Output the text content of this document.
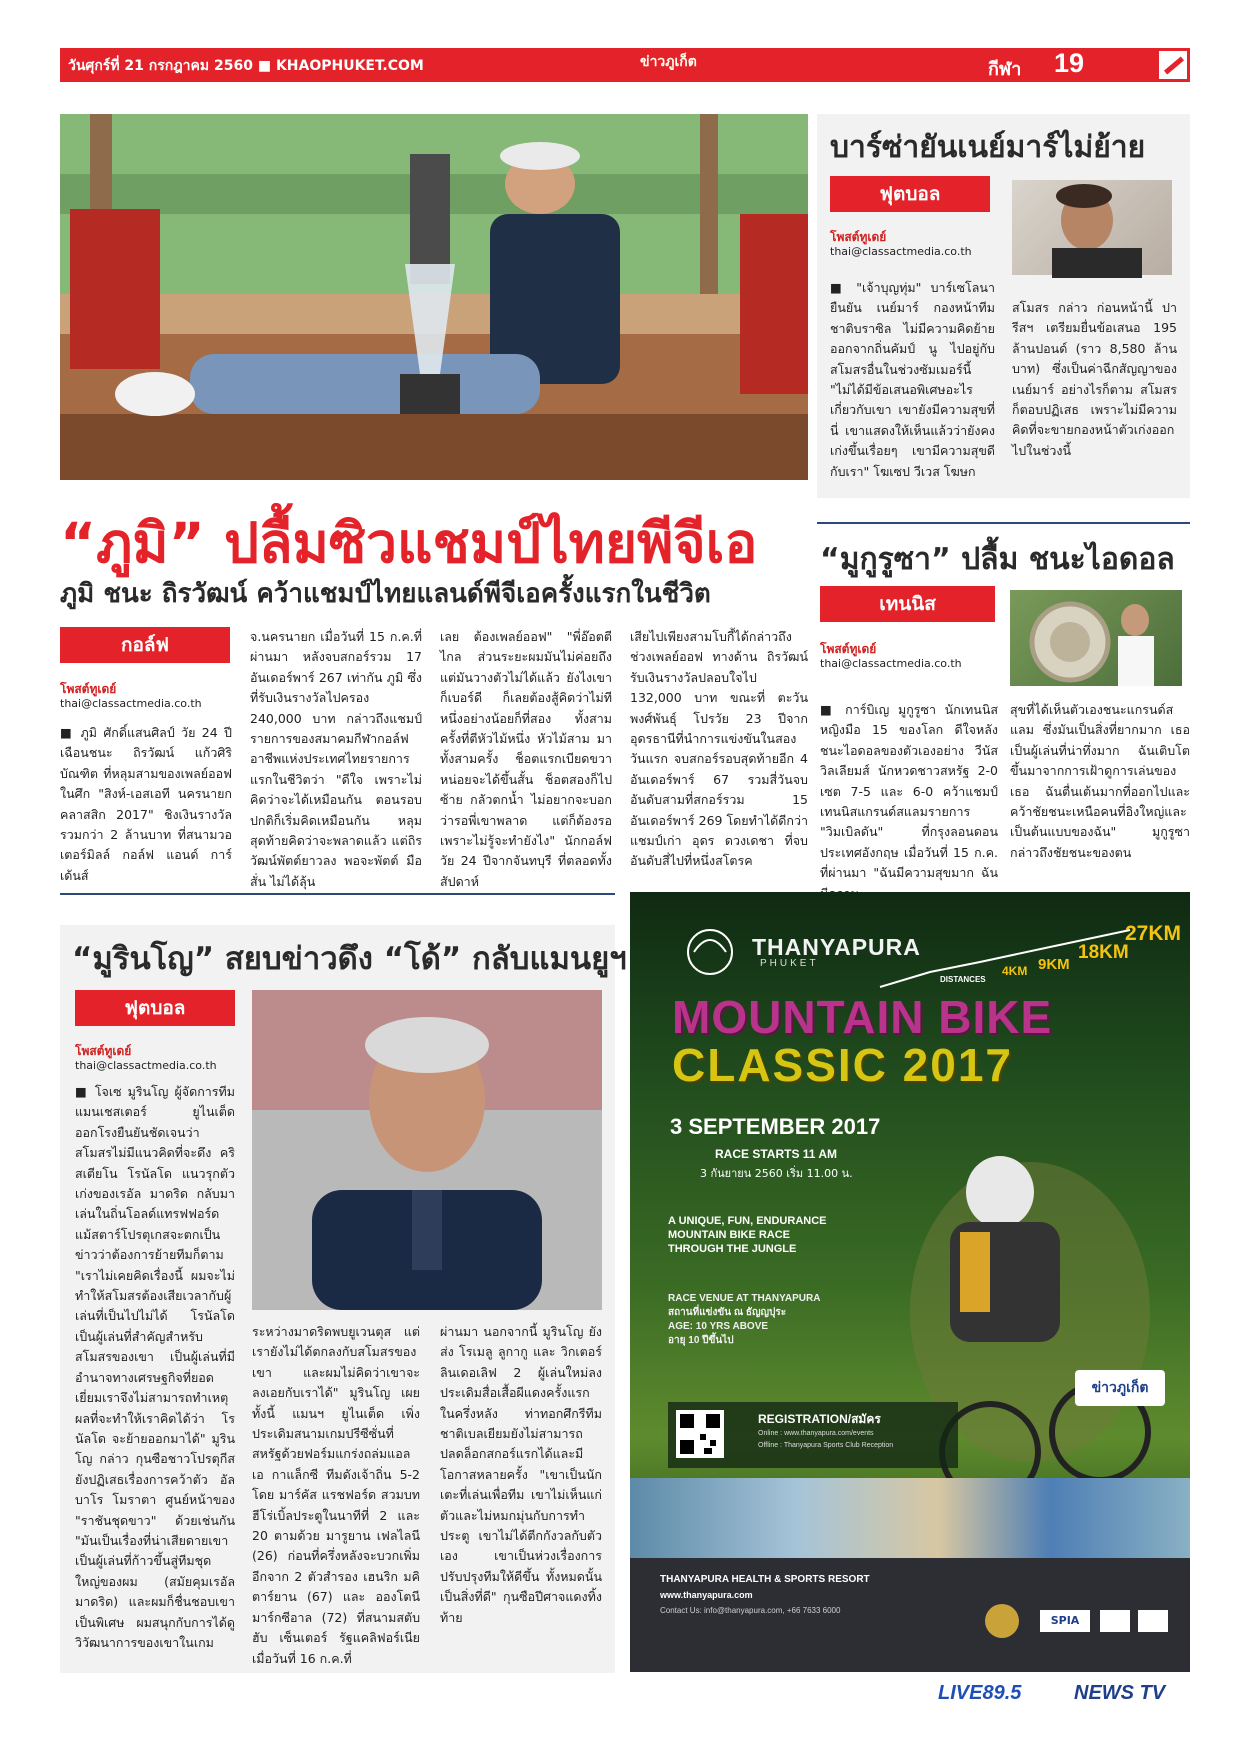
วันศุกร์ที่ 21 กรกฎาคม 2560 ■ KHAOPHUKET.COM	ข่าวภูเก็ต	กีฬา 19
บาร์ซ่ายันเนย์มาร์ไม่ย้าย
ฟุตบอล
โพสต์ทูเดย์
thai@classactmedia.co.th
■ "เจ้าบุญทุ่ม" บาร์เซโลนา ยืนยัน เนย์มาร์ กองหน้าทีมชาติบราซิล ไม่มีความคิดย้ายออกจากถิ่นคัมป์ นู ไปอยู่กับสโมสรอื่นในช่วงซัมเมอร์นี้ "ไม่ได้มีข้อเสนอพิเศษอะไรเกี่ยวกับเขา เขายังมีความสุขที่นี่ เขาแสดงให้เห็นแล้วว่ายังคงเก่งขึ้นเรื่อยๆ เขามีความสุขดีกับเรา" โฆเซป วีเวส โฆษก
สโมสร กล่าว ก่อนหน้านี้ ปารีสฯ เตรียมยื่นข้อเสนอ 195 ล้านปอนด์ (ราว 8,580 ล้านบาท) ซึ่งเป็นค่าฉีกสัญญาของ เนย์มาร์ อย่างไรก็ตาม สโมสรก็ตอบปฏิเสธ เพราะไม่มีความคิดที่จะขายกองหน้าตัวเก่งออกไปในช่วงนี้
“ภูมิ” ปลื้มซิวแชมป์ไทยพีจีเอ
ภูมิ ชนะ ถิรวัฒน์ คว้าแชมป์ไทยแลนด์พีจีเอครั้งแรกในชีวิต
กอล์ฟ
โพสต์ทูเดย์
thai@classactmedia.co.th
■ ภูมิ ศักดิ์แสนศิลป์ วัย 24 ปี เฉือนชนะ ถิรวัฒน์ แก้วศิริบัณฑิต ที่หลุมสามของเพลย์ออฟ ในศึก "สิงห์-เอสเอที นครนายก คลาสสิก 2017" ชิงเงินรางวัลรวมกว่า 2 ล้านบาท ที่สนามวอเตอร์มิลล์ กอล์ฟ แอนด์ การ์เด้นส์
จ.นครนายก เมื่อวันที่ 15 ก.ค.ที่ผ่านมา หลังจบสกอร์รวม 17 อันเดอร์พาร์ 267 เท่ากัน ภูมิ ซึ่งที่รับเงินรางวัลไปครอง 240,000 บาท กล่าวถึงแชมป์รายการของสมาคมกีฬากอล์ฟอาชีพแห่งประเทศไทยรายการแรกในชีวิตว่า "ดีใจ เพราะไม่คิดว่าจะได้เหมือนกัน ตอนรอบปกติก็เริ่มคิดเหมือนกัน หลุมสุดท้ายคิดว่าจะพลาดแล้ว แต่ถิรวัฒน์พัตต์ยาวลง พอจะพัตต์ มือสั่น ไม่ได้ลุ้น
เลย ต้องเพลย์ออฟ" "พี่อ๊อตตีไกล ส่วนระยะผมมันไม่ค่อยถึง แต่มันวางตัวไม่ได้แล้ว ยังไงเขาก็เบอร์ดี ก็เลยต้องสู้คิดว่าไม่ทีหนึ่งอย่างน้อยก็ที่สอง ทั้งสามครั้งที่ตีหัวไม้หนึ่ง หัวไม้สาม มาทั้งสามครั้ง ช็อตแรกเบียดขวาหน่อยจะได้ขึ้นสั้น ช็อตสองก็ไปซ้าย กลัวตกน้ำ ไม่อยากจะบอกว่ารอพี่เขาพลาด แต่ก็ต้องรอเพราะไม่รู้จะทำยังไง" นักกอล์ฟวัย 24 ปีจากจันทบุรี ที่ตลอดทั้งสัปดาห์
เสียไปเพียงสามโบกี้ได้กล่าวถึงช่วงเพลย์ออฟ ทางด้าน ถิรวัฒน์ รับเงินรางวัลปลอบใจไป 132,000 บาท ขณะที่ ตะวัน พงศ์พันธุ์ โปรวัย 23 ปีจากอุดรธานีที่นำการแข่งขันในสองวันแรก จบสกอร์รอบสุดท้ายอีก 4 อันเดอร์พาร์ 67 รวมสี่วันจบอันดับสามที่สกอร์รวม 15 อันเดอร์พาร์ 269 โดยทำได้ดีกว่าแชมป์เก่า อุดร ดวงเดชา ที่จบอันดับสี่ไปที่หนึ่งสโตรค
“มูกูรูซา” ปลื้ม ชนะไอดอล
เทนนิส
โพสต์ทูเดย์
thai@classactmedia.co.th
■ การ์บิเญ มูกูรูซา นักเทนนิสหญิงมือ 15 ของโลก ดีใจหลังชนะไอดอลของตัวเองอย่าง วีนัส วิลเลียมส์ นักหวดชาวสหรัฐ 2-0 เซต 7-5 และ 6-0 คว้าแชมป์เทนนิสแกรนด์สแลมรายการ "วิมเบิลดัน" ที่กรุงลอนดอน ประเทศอังกฤษ เมื่อวันที่ 15 ก.ค. ที่ผ่านมา "ฉันมีความสุขมาก ฉัน
สุขที่ได้เห็นตัวเองชนะแกรนด์สแลม ซึ่งมันเป็นสิ่งที่ยากมาก เธอเป็นผู้เล่นที่น่าทึ่งมาก ฉันเติบโตขึ้นมาจากการเฝ้าดูการเล่นของเธอ ฉันตื่นเต้นมากที่ออกไปและคว้าชัยชนะเหนือคนที่อิงใหญ่และเป็นต้นแบบของฉัน" มูกูรูซา กล่าวถึงชัยชนะของตน
“มูรินโญ” สยบข่าวดึง “โด้” กลับแมนยูฯ
ฟุตบอล
โพสต์ทูเดย์
thai@classactmedia.co.th
■ โจเซ มูรินโญ ผู้จัดการทีมแมนเชสเตอร์ ยูไนเต็ด ออกโรงยืนยันชัดเจนว่าสโมสรไม่มีแนวคิดที่จะดึง คริสเตียโน โรนัลโด แนวรุกตัวเก่งของเรอัล มาดริด กลับมาเล่นในถิ่นโอลด์แทรฟฟอร์ด แม้สตาร์โปรตุเกสจะตกเป็นข่าวว่าต้องการย้ายทีมก็ตาม "เราไม่เคยคิดเรื่องนี้ ผมจะไม่ทำให้สโมสรต้องเสียเวลากับผู้เล่นที่เป็นไปไม่ได้ โรนัลโดเป็นผู้เล่นที่สำคัญสำหรับสโมสรของเขา เป็นผู้เล่นที่มีอำนาจทางเศรษฐกิจที่ยอดเยี่ยมเราจึงไม่สามารถทำเหตุผลที่จะทำให้เราคิดได้ว่า โรนัลโด จะย้ายออกมาได้" มูรินโญ กล่าว กุนซือชาวโปรตุกีสยังปฏิเสธเรื่องการคว้าตัว อัลบาโร โมราตา ศูนย์หน้าของ "ราชันชุดขาว" ด้วยเช่นกัน "มันเป็นเรื่องที่น่าเสียดายเขาเป็นผู้เล่นที่ก้าวขึ้นสู่ทีมชุดใหญ่ของผม (สมัยคุมเรอัล มาดริด) และผมก็ชื่นชอบเขาเป็นพิเศษ ผมสนุกกับการได้ดูวิวัฒนาการของเขาในเกม
ระหว่างมาดริดพบยูเวนตุส แต่เรายังไม่ได้ตกลงกับสโมสรของเขา และผมไม่คิดว่าเขาจะลงเอยกับเราได้" มูรินโญ เผย ทั้งนี้ แมนฯ ยูไนเต็ด เพิ่งประเดิมสนามเกมปรีซีซั่นที่สหรัฐด้วยฟอร์มแกร่งถล่มแอลเอ กาแล็กซี ทีมดังเจ้าถิ่น 5-2 โดย มาร์คัส แรชฟอร์ด สวมบทฮีโร่เบิ้ลประตูในนาทีที่ 2 และ 20 ตามด้วย มารูยาน เฟลไลนี (26) ก่อนที่ครึ่งหลังจะบวกเพิ่มอีกจาก 2 ตัวสำรอง เฮนริก มคิตาร์ยาน (67) และ อองโตนี มาร์กซีอาล (72) ที่สนามสตับฮับ เซ็นเตอร์ รัฐแคลิฟอร์เนีย เมื่อวันที่ 16 ก.ค.ที่
ผ่านมา นอกจากนี้ มูรินโญ ยังส่ง โรเมลู ลูกากู และ วิกเตอร์ ลินเดอเลิฟ 2 ผู้เล่นใหม่ลงประเดิมสื่อเสื้อผีแดงครั้งแรกในครึ่งหลัง ท่าทอกศึกรีทีมชาติเบลเยียมยังไม่สามารถปลดล็อกสกอร์แรกได้และมีโอกาสหลายครั้ง "เขาเป็นนักเตะที่เล่นเพื่อทีม เขาไม่เห็นแก่ตัวและไม่หมกมุ่นกับการทำประตู เขาไม่ได้ตีกกังวลกับตัวเอง เขาเป็นห่วงเรื่องการปรับปรุงทีมให้ดีขึ้น ทั้งหมดนั้นเป็นสิ่งที่ดี" กุนซือปีศาจแดงทิ้งท้าย
THANYAPURA
PHUKET
DISTANCES
4KM 9KM
18KM
27KM
MOUNTAIN BIKE
CLASSIC 2017
3 SEPTEMBER 2017
RACE STARTS 11 AM
3 กันยายน 2560 เริ่ม 11.00 น.
A UNIQUE, FUN, ENDURANCE MOUNTAIN BIKE RACE THROUGH THE JUNGLE
RACE VENUE AT THANYAPURA
สถานที่แข่งขัน ณ ธัญญปุระ
AGE: 10 YRS ABOVE
อายุ 10 ปีขึ้นไป
REGISTRATION/สมัคร
Online : www.thanyapura.com/events
Offline : Thanyapura Sports Club Reception
ข่าวภูเก็ต
THANYAPURA HEALTH & SPORTS RESORT
www.thanyapura.com
Contact Us: info@thanyapura.com, +66 7633 6000
SPIA
LIVE89.5	NEWS TV
